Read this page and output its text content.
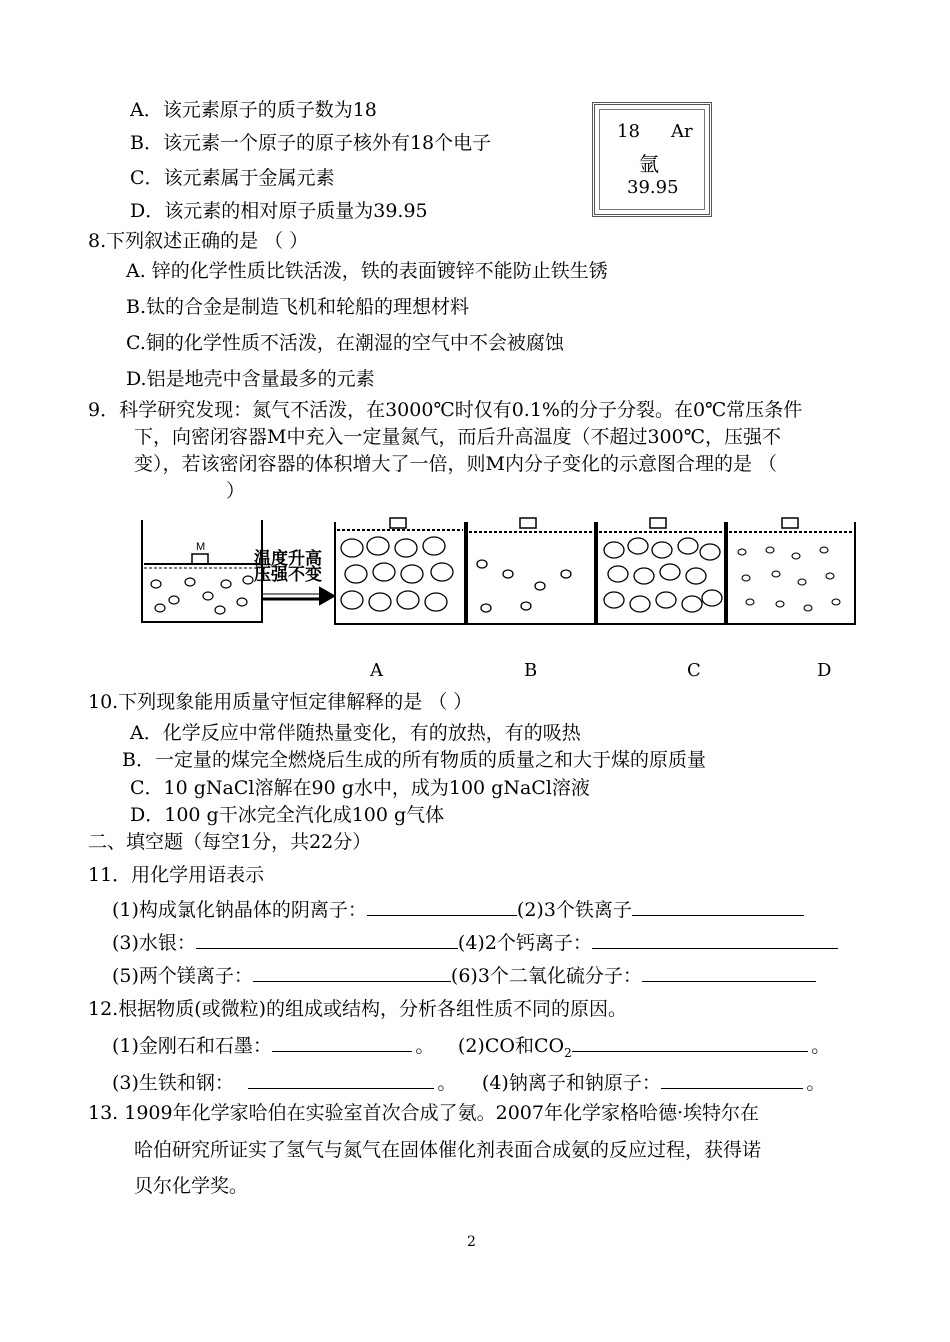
A．该元素原子的质子数为18
B．该元素一个原子的原子核外有18个电子
C．该元素属于金属元素
D．该元素的相对原子质量为39.95
18 Ar
氩
39.95
8.下列叙述正确的是 （ ）
A. 锌的化学性质比铁活泼，铁的表面镀锌不能防止铁生锈
B.钛的合金是制造飞机和轮船的理想材料
C.铜的化学性质不活泼，在潮湿的空气中不会被腐蚀
D.铝是地壳中含量最多的元素
9．科学研究发现：氮气不活泼，在3000℃时仅有0.1%的分子分裂。在0℃常压条件
下，向密闭容器M中充入一定量氮气，而后升高温度（不超过300℃，压强不
变），若该密闭容器的体积增大了一倍，则M内分子变化的示意图合理的是 （
）
M
温度升高
压强不变
A	B	C	D
10.下列现象能用质量守恒定律解释的是 （ ）
A．化学反应中常伴随热量变化，有的放热，有的吸热
B．一定量的煤完全燃烧后生成的所有物质的质量之和大于煤的原质量
C．10 gNaCl溶解在90 g水中，成为100 gNaCl溶液
D．100 g干冰完全汽化成100 g气体
二、填空题（每空1分，共22分）
11．用化学用语表示
(1)构成氯化钠晶体的阴离子：	(2)3个铁离子
(3)水银：	(4)2个钙离子：
(5)两个镁离子：	(6)3个二氧化硫分子：
12.根据物质(或微粒)的组成或结构，分析各组性质不同的原因。
(1)金刚石和石墨：	。 (2)CO和$CO_2$	。
(3)生铁和钢：	。 (4)钠离子和钠原子：	。
13. 1909年化学家哈伯在实验室首次合成了氨。2007年化学家格哈德·埃特尔在
哈伯研究所证实了氢气与氮气在固体催化剂表面合成氨的反应过程，获得诺
贝尔化学奖。
2
